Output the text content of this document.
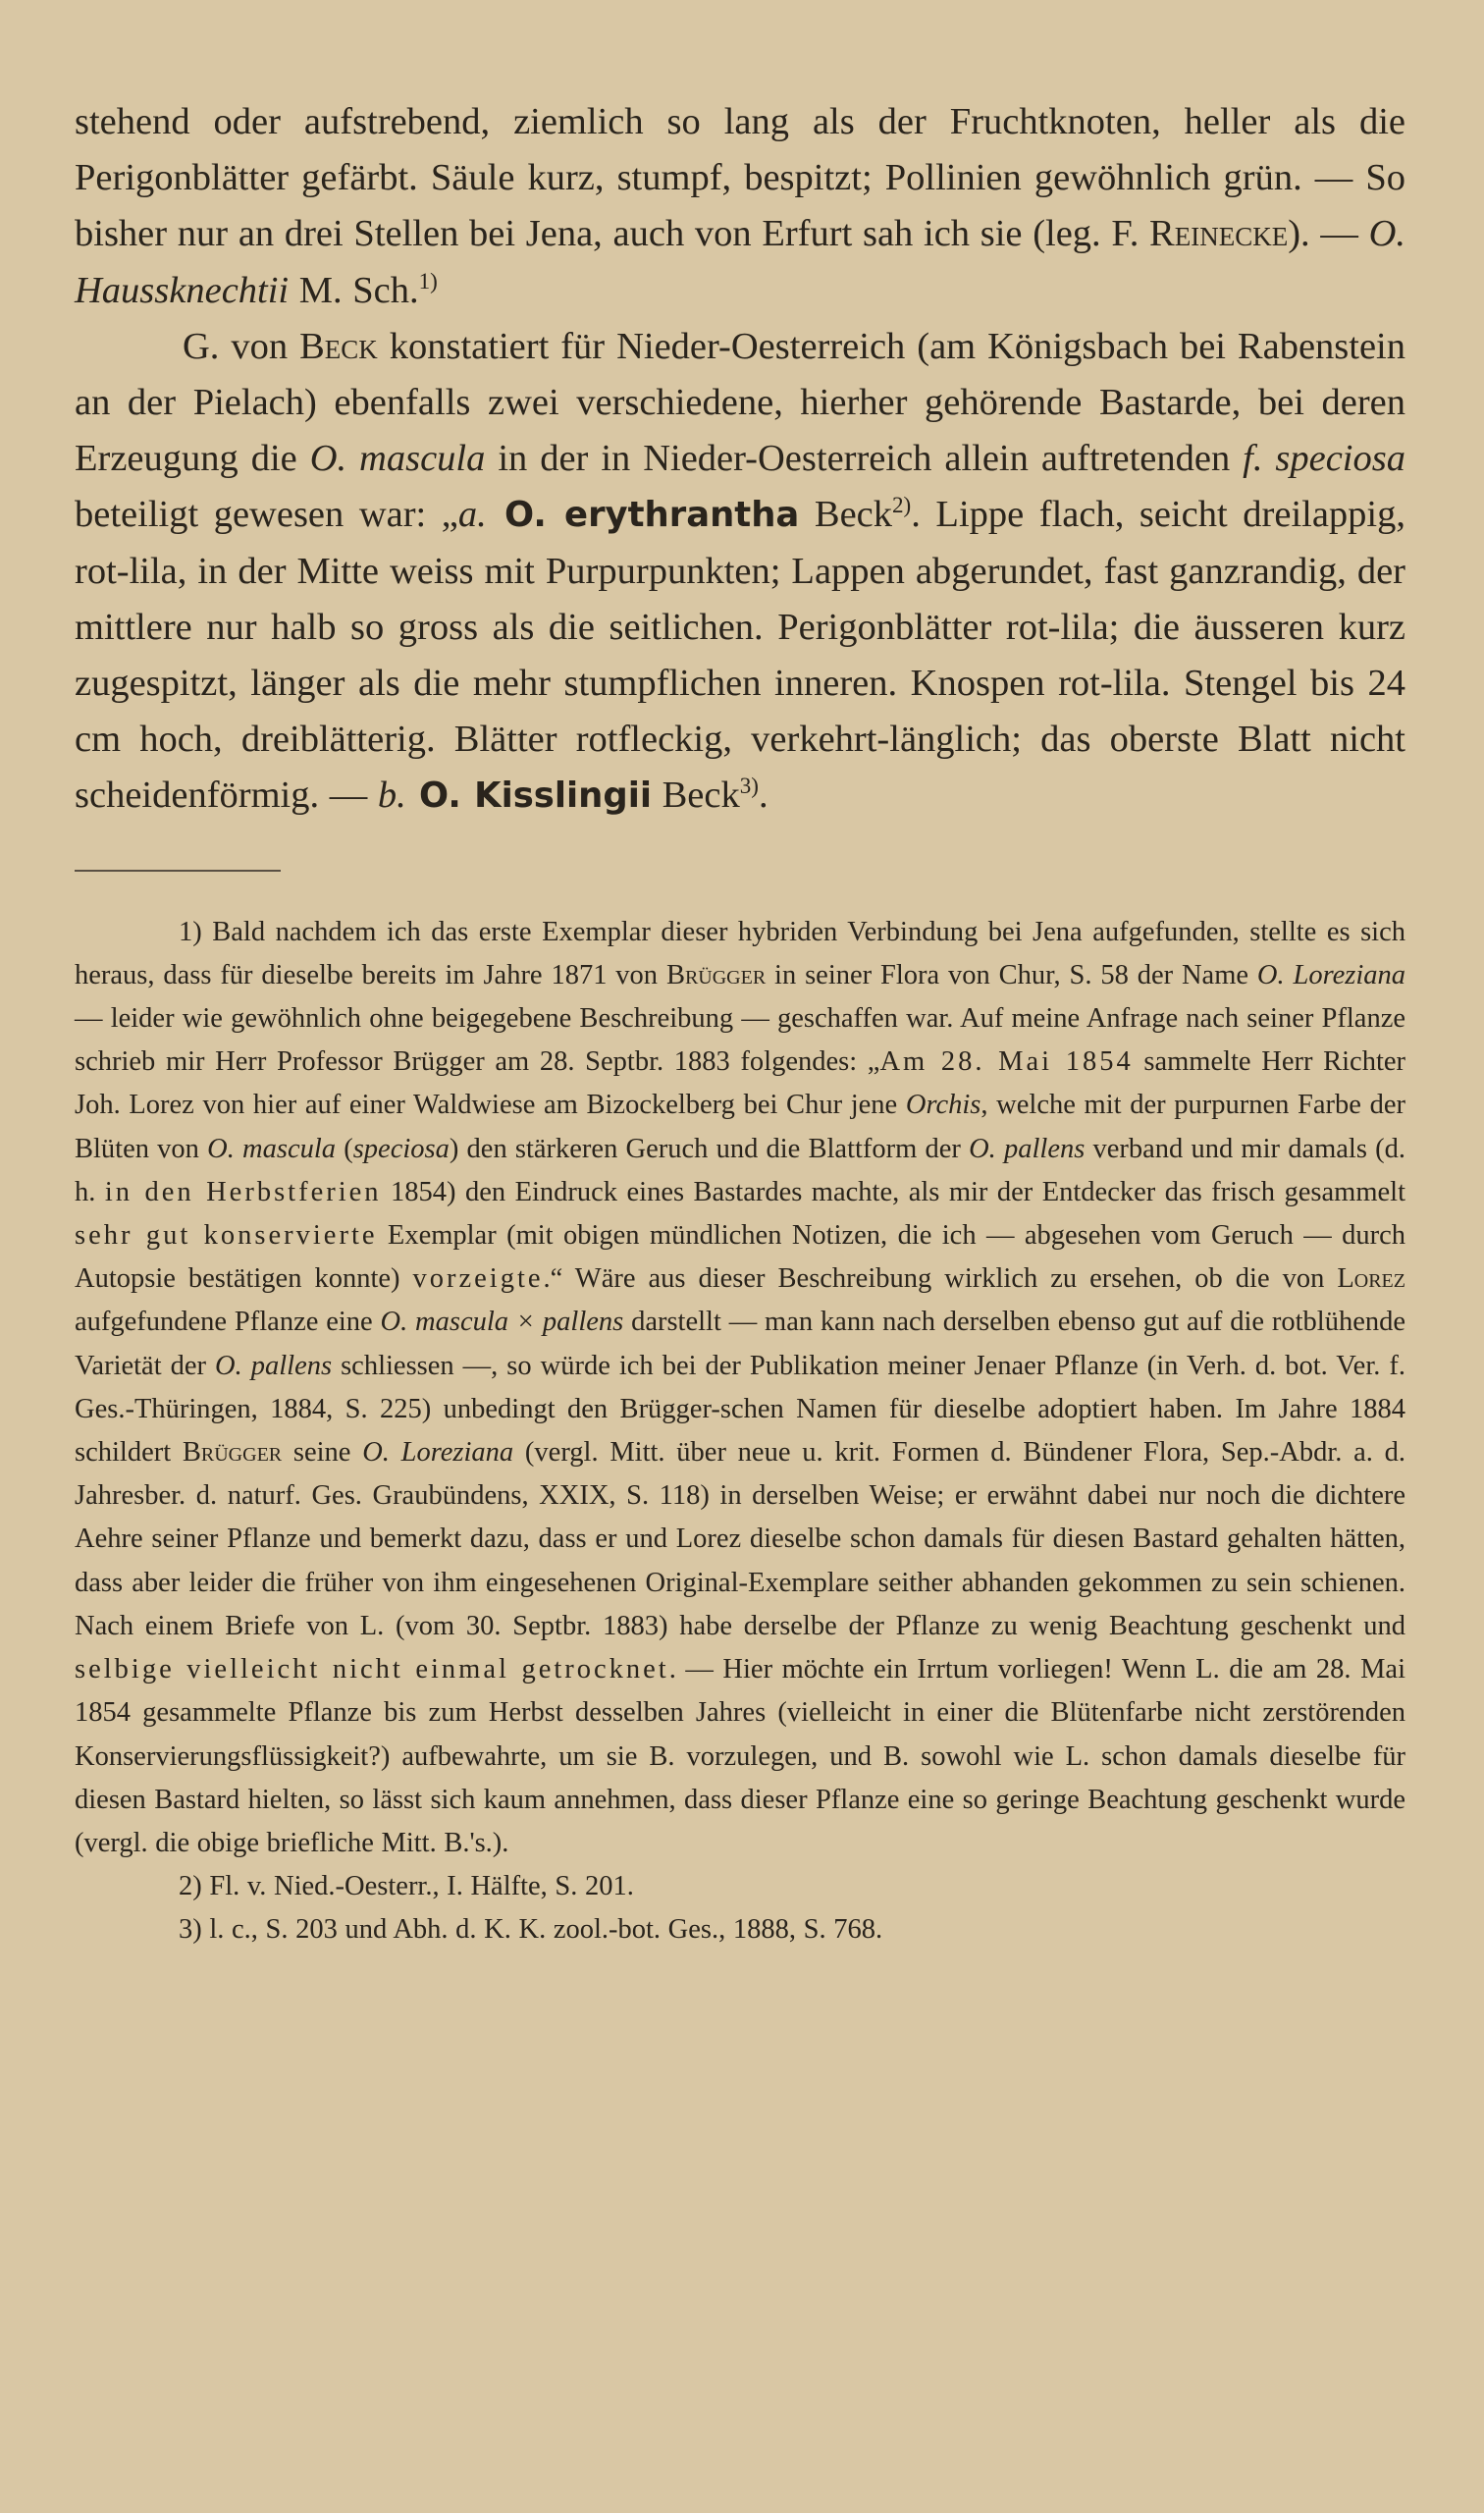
stehend oder aufstrebend, ziemlich so lang als der Fruchtknoten, heller als die Perigonblätter gefärbt. Säule kurz, stumpf, bespitzt; Pollinien gewöhnlich grün. — So bisher nur an drei Stellen bei Jena, auch von Erfurt sah ich sie (leg. F. Reinecke). — O. Haussknechtii M. Sch.$^{1)}$

G. von Beck konstatiert für Nieder-Oesterreich (am Königsbach bei Rabenstein an der Pielach) ebenfalls zwei verschiedene, hierher gehörende Bastarde, bei deren Erzeugung die O. mascula in der in Nieder-Oesterreich allein auftretenden f. speciosa beteiligt gewesen war: „a. O. erythrantha Beck$^{2)}$. Lippe flach, seicht dreilappig, rot-lila, in der Mitte weiss mit Purpurpunkten; Lappen abgerundet, fast ganzrandig, der mittlere nur halb so gross als die seitlichen. Perigonblätter rot-lila; die äusseren kurz zugespitzt, länger als die mehr stumpflichen inneren. Knospen rot-lila. Stengel bis 24 cm hoch, dreiblätterig. Blätter rotfleckig, verkehrt-länglich; das oberste Blatt nicht scheidenförmig. — b. O. Kisslingii Beck$^{3)}$.

1) Bald nachdem ich das erste Exemplar dieser hybriden Verbindung bei Jena aufgefunden, stellte es sich heraus, dass für dieselbe bereits im Jahre 1871 von Brügger in seiner Flora von Chur, S. 58 der Name O. Loreziana — leider wie gewöhnlich ohne beigegebene Beschreibung — geschaffen war. Auf meine Anfrage nach seiner Pflanze schrieb mir Herr Professor Brügger am 28. Septbr. 1883 folgendes: „Am 28. Mai 1854 sammelte Herr Richter Joh. Lorez von hier auf einer Waldwiese am Bizockelberg bei Chur jene Orchis, welche mit der purpurnen Farbe der Blüten von O. mascula (speciosa) den stärkeren Geruch und die Blattform der O. pallens verband und mir damals (d. h. in den Herbstferien 1854) den Eindruck eines Bastardes machte, als mir der Entdecker das frisch gesammelt sehr gut konservierte Exemplar (mit obigen mündlichen Notizen, die ich — abgesehen vom Geruch — durch Autopsie bestätigen konnte) vorzeigte.“ Wäre aus dieser Beschreibung wirklich zu ersehen, ob die von Lorez aufgefundene Pflanze eine O. mascula × pallens darstellt — man kann nach derselben ebenso gut auf die rotblühende Varietät der O. pallens schliessen —, so würde ich bei der Publikation meiner Jenaer Pflanze (in Verh. d. bot. Ver. f. Ges.-Thüringen, 1884, S. 225) unbedingt den Brügger-schen Namen für dieselbe adoptiert haben. Im Jahre 1884 schildert Brügger seine O. Loreziana (vergl. Mitt. über neue u. krit. Formen d. Bündener Flora, Sep.-Abdr. a. d. Jahresber. d. naturf. Ges. Graubündens, XXIX, S. 118) in derselben Weise; er erwähnt dabei nur noch die dichtere Aehre seiner Pflanze und bemerkt dazu, dass er und Lorez dieselbe schon damals für diesen Bastard gehalten hätten, dass aber leider die früher von ihm eingesehenen Original-Exemplare seither abhanden gekommen zu sein schienen. Nach einem Briefe von L. (vom 30. Septbr. 1883) habe derselbe der Pflanze zu wenig Beachtung geschenkt und selbige vielleicht nicht einmal getrocknet. — Hier möchte ein Irrtum vorliegen! Wenn L. die am 28. Mai 1854 gesammelte Pflanze bis zum Herbst desselben Jahres (vielleicht in einer die Blütenfarbe nicht zerstörenden Konservierungsflüssigkeit?) aufbewahrte, um sie B. vorzulegen, und B. sowohl wie L. schon damals dieselbe für diesen Bastard hielten, so lässt sich kaum annehmen, dass dieser Pflanze eine so geringe Beachtung geschenkt wurde (vergl. die obige briefliche Mitt. B.'s.).

2) Fl. v. Nied.-Oesterr., I. Hälfte, S. 201.

3) l. c., S. 203 und Abh. d. K. K. zool.-bot. Ges., 1888, S. 768.
